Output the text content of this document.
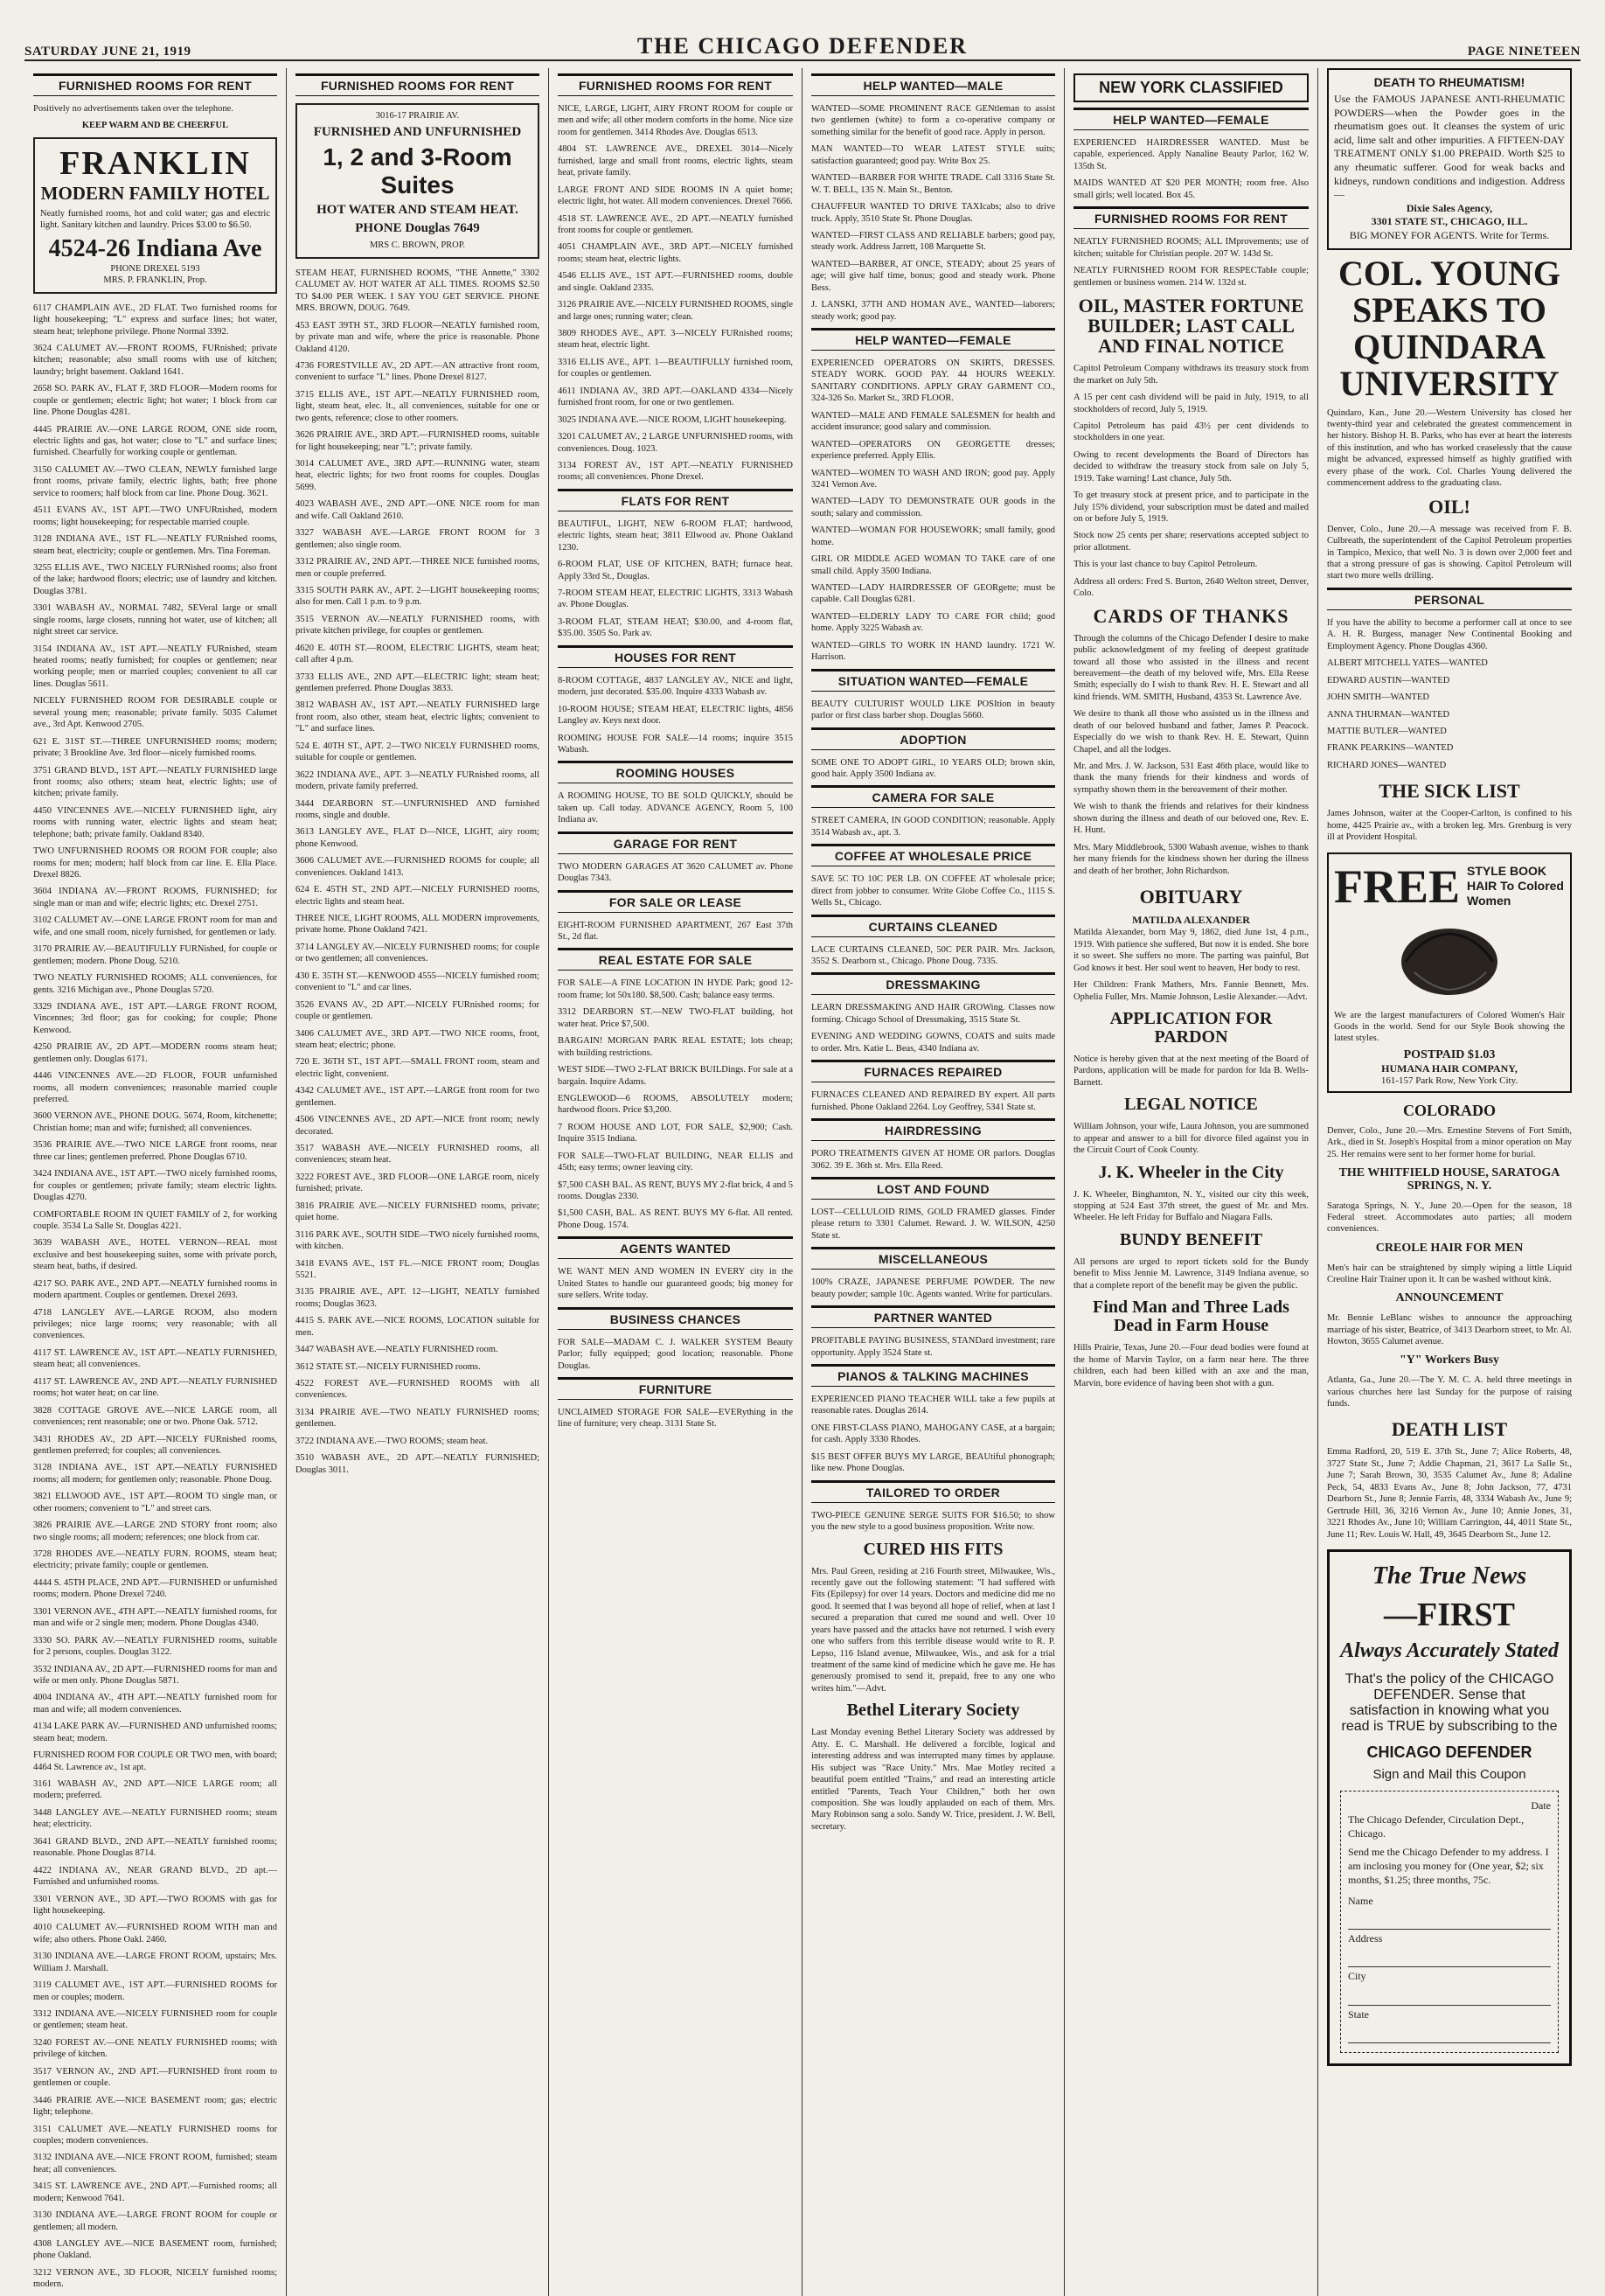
SATURDAY JUNE 21, 1919	THE CHICAGO DEFENDER	PAGE NINETEEN
FURNISHED ROOMS FOR RENT
Positively no advertisements taken over the telephone.
KEEP WARM AND BE CHEERFUL
FRANKLIN
MODERN FAMILY HOTEL
Neatly furnished rooms, hot and cold water; gas and electric light. Sanitary kitchen and laundry. Prices $3.00 to $6.50.
4524-26 Indiana Ave
PHONE DREXEL 5193
MRS. P. FRANKLIN, Prop.
6117 CHAMPLAIN AVE., 2D FLAT. Two furnished rooms for light housekeeping; "L" express and surface lines; hot water, steam heat; telephone privilege. Phone Normal 3392.
3624 CALUMET AV.—FRONT ROOMS, FURnished; private kitchen; reasonable; also small rooms with use of kitchen; laundry; bright basement. Oakland 1641.
2658 SO. PARK AV., FLAT F, 3RD FLOOR—Modern rooms for couple or gentlemen; electric light; hot water; 1 block from car line. Phone Douglas 4281.
4445 PRAIRIE AV.—ONE LARGE ROOM, ONE side room, electric lights and gas, hot water; close to "L" and surface lines; furnished. Chearfully for working couple or gentleman.
3150 CALUMET AV.—TWO CLEAN, NEWLY furnished large front rooms, private family, electric lights, bath; free phone service to roomers; half block from car line. Phone Doug. 3621.
4511 EVANS AV., 1ST APT.—TWO UNFURnished, modern rooms; light housekeeping; for respectable married couple.
3128 INDIANA AVE., 1ST FL.—NEATLY FURnished rooms, steam heat, electricity; couple or gentlemen. Mrs. Tina Foreman.
3255 ELLIS AVE., TWO NICELY FURNished rooms; also front of the lake; hardwood floors; electric; use of laundry and kitchen. Douglas 3781.
3301 WABASH AV., NORMAL 7482, SEVeral large or small single rooms, large closets, running hot water, use of kitchen; all night street car service.
3154 INDIANA AV., 1ST APT.—NEATLY FURnished, steam heated rooms; neatly furnished; for couples or gentlemen; near working people; men or married couples; convenient to all car lines. Douglas 5611.
NICELY FURNISHED ROOM FOR DESIRABLE couple or several young men; reasonable; private family. 5035 Calumet ave., 3rd Apt. Kenwood 2705.
621 E. 31ST ST.—THREE UNFURNISHED rooms; modern; private; 3 Brookline Ave. 3rd floor—nicely furnished rooms.
3751 GRAND BLVD., 1ST APT.—NEATLY FURNISHED large front rooms; also others; steam heat, electric lights; use of kitchen; private family.
4450 VINCENNES AVE.—NICELY FURNISHED light, airy rooms with running water, electric lights and steam heat; telephone; bath; private family. Oakland 8340.
TWO UNFURNISHED ROOMS OR ROOM FOR couple; also rooms for men; modern; half block from car line. E. Ella Place. Drexel 8826.
3604 INDIANA AV.—FRONT ROOMS, FURNISHED; for single man or man and wife; electric lights; etc. Drexel 2751.
3102 CALUMET AV.—ONE LARGE FRONT room for man and wife, and one small room, nicely furnished, for gentlemen or lady.
3170 PRAIRIE AV.—BEAUTIFULLY FURNished, for couple or gentlemen; modern. Phone Doug. 5210.
TWO NEATLY FURNISHED ROOMS; ALL conveniences, for gents. 3216 Michigan ave., Phone Douglas 5720.
3329 INDIANA AVE., 1ST APT.—LARGE FRONT ROOM, Vincennes; 3rd floor; gas for cooking; for couple; Phone Kenwood.
4250 PRAIRIE AV., 2D APT.—MODERN rooms steam heat; gentlemen only. Douglas 6171.
4446 VINCENNES AVE.—2D FLOOR, FOUR unfurnished rooms, all modern conveniences; reasonable married couple preferred.
3600 VERNON AVE., PHONE DOUG. 5674, Room, kitchenette; Christian home; man and wife; furnished; all conveniences.
3536 PRAIRIE AVE.—TWO NICE LARGE front rooms, near three car lines; gentlemen preferred. Phone Douglas 6710.
3424 INDIANA AVE., 1ST APT.—TWO nicely furnished rooms, for couples or gentlemen; private family; steam electric lights. Douglas 4270.
COMFORTABLE ROOM IN QUIET FAMILY of 2, for working couple. 3534 La Salle St. Douglas 4221.
3639 WABASH AVE., HOTEL VERNON—REAL most exclusive and best housekeeping suites, some with private porch, steam heat, baths, if desired.
4217 SO. PARK AVE., 2ND APT.—NEATLY furnished rooms in modern apartment. Couples or gentlemen. Drexel 2693.
4718 LANGLEY AVE.—LARGE ROOM, also modern privileges; nice large rooms; very reasonable; with all conveniences.
4117 ST. LAWRENCE AV., 1ST APT.—NEATLY FURNISHED, steam heat; all conveniences.
4117 ST. LAWRENCE AV., 2ND APT.—NEATLY FURNISHED rooms; hot water heat; on car line.
3828 COTTAGE GROVE AVE.—NICE LARGE room, all conveniences; rent reasonable; one or two. Phone Oak. 5712.
3431 RHODES AV., 2D APT.—NICELY FURnished rooms, gentlemen preferred; for couples; all conveniences.
3128 INDIANA AVE., 1ST APT.—NEATLY FURNISHED rooms; all modern; for gentlemen only; reasonable. Phone Doug.
3821 ELLWOOD AVE., 1ST APT.—ROOM TO single man, or other roomers; convenient to "L" and street cars.
3826 PRAIRIE AVE.—LARGE 2ND STORY front room; also two single rooms; all modern; references; one block from car.
3728 RHODES AVE.—NEATLY FURN. ROOMS, steam heat; electricity; private family; couple or gentlemen.
4444 S. 45TH PLACE, 2ND APT.—FURNISHED or unfurnished rooms; modern. Phone Drexel 7240.
3301 VERNON AVE., 4TH APT.—NEATLY furnished rooms, for man and wife or 2 single men; modern. Phone Douglas 4340.
3330 SO. PARK AV.—NEATLY FURNISHED rooms, suitable for 2 persons, couples. Douglas 3122.
3532 INDIANA AV., 2D APT.—FURNISHED rooms for man and wife or men only. Phone Douglas 5871.
4004 INDIANA AV., 4TH APT.—NEATLY furnished room for man and wife; all modern conveniences.
4134 LAKE PARK AV.—FURNISHED AND unfurnished rooms; steam heat; modern.
FURNISHED ROOM FOR COUPLE OR TWO men, with board; 4464 St. Lawrence av., 1st apt.
3161 WABASH AV., 2ND APT.—NICE LARGE room; all modern; preferred.
3448 LANGLEY AVE.—NEATLY FURNISHED rooms; steam heat; electricity.
3641 GRAND BLVD., 2ND APT.—NEATLY furnished rooms; reasonable. Phone Douglas 8714.
4422 INDIANA AV., NEAR GRAND BLVD., 2D apt.—Furnished and unfurnished rooms.
3301 VERNON AVE., 3D APT.—TWO ROOMS with gas for light housekeeping.
4010 CALUMET AV.—FURNISHED ROOM WITH man and wife; also others. Phone Oakl. 2460.
3130 INDIANA AVE.—LARGE FRONT ROOM, upstairs; Mrs. William J. Marshall.
3119 CALUMET AVE., 1ST APT.—FURNISHED ROOMS for men or couples; modern.
3312 INDIANA AVE.—NICELY FURNISHED room for couple or gentlemen; steam heat.
3240 FOREST AV.—ONE NEATLY FURNISHED rooms; with privilege of kitchen.
3517 VERNON AV., 2ND APT.—FURNISHED front room to gentlemen or couple.
3446 PRAIRIE AVE.—NICE BASEMENT room; gas; electric light; telephone.
3151 CALUMET AVE.—NEATLY FURNISHED rooms for couples; modern conveniences.
3132 INDIANA AVE.—NICE FRONT ROOM, furnished; steam heat; all conveniences.
3415 ST. LAWRENCE AVE., 2ND APT.—Furnished rooms; all modern; Kenwood 7641.
3130 INDIANA AVE.—LARGE FRONT ROOM for couple or gentlemen; all modern.
4308 LANGLEY AVE.—NICE BASEMENT room, furnished; phone Oakland.
3212 VERNON AVE., 3D FLOOR, NICELY furnished rooms; modern.
FURNISHED ROOMS FOR RENT
3016-17 PRAIRIE AV.
FURNISHED AND UNFURNISHED
1, 2 and 3-Room Suites
HOT WATER AND STEAM HEAT.
PHONE Douglas 7649
MRS C. BROWN, PROP.
STEAM HEAT, FURNISHED ROOMS, "THE Annette," 3302 CALUMET AV. HOT WATER AT ALL TIMES. ROOMS $2.50 TO $4.00 PER WEEK. I SAY YOU GET SERVICE. PHONE MRS. BROWN, DOUG. 7649.
453 EAST 39TH ST., 3RD FLOOR—NEATLY furnished room, by private man and wife, where the price is reasonable. Phone Oakland 4120.
4736 FORESTVILLE AV., 2D APT.—AN attractive front room, convenient to surface "L" lines. Phone Drexel 8127.
3715 ELLIS AVE., 1ST APT.—NEATLY FURNISHED room, light, steam heat, elec. lt., all conveniences, suitable for one or two gents, reference; close to other roomers.
3626 PRAIRIE AVE., 3RD APT.—FURNISHED rooms, suitable for light housekeeping; near "L"; private family.
3014 CALUMET AVE., 3RD APT.—RUNNING water, steam heat, electric lights; for two front rooms for couples. Douglas 5699.
4023 WABASH AVE., 2ND APT.—ONE NICE room for man and wife. Call Oakland 2610.
3327 WABASH AVE.—LARGE FRONT ROOM for 3 gentlemen; also single room.
3312 PRAIRIE AV., 2ND APT.—THREE NICE furnished rooms, men or couple preferred.
3315 SOUTH PARK AV., APT. 2—LIGHT housekeeping rooms; also for men. Call 1 p.m. to 9 p.m.
3515 VERNON AV.—NEATLY FURNISHED rooms, with private kitchen privilege, for couples or gentlemen.
4620 E. 40TH ST.—ROOM, ELECTRIC LIGHTS, steam heat; call after 4 p.m.
3733 ELLIS AVE., 2ND APT.—ELECTRIC light; steam heat; gentlemen preferred. Phone Douglas 3833.
3812 WABASH AV., 1ST APT.—NEATLY FURNISHED large front room, also other, steam heat, electric lights; convenient to "L" and surface lines.
524 E. 40TH ST., APT. 2—TWO NICELY FURNISHED rooms, suitable for couple or gentlemen.
3622 INDIANA AVE., APT. 3—NEATLY FURnished rooms, all modern, private family preferred.
3444 DEARBORN ST.—UNFURNISHED AND furnished rooms, single and double.
3613 LANGLEY AVE., FLAT D—NICE, LIGHT, airy room; phone Kenwood.
3606 CALUMET AVE.—FURNISHED ROOMS for couple; all conveniences. Oakland 1413.
624 E. 45TH ST., 2ND APT.—NICELY FURNISHED rooms, electric lights and steam heat.
THREE NICE, LIGHT ROOMS, ALL MODERN improvements, private home. Phone Oakland 7421.
3714 LANGLEY AV.—NICELY FURNISHED rooms; for couple or two gentlemen; all conveniences.
430 E. 35TH ST.—KENWOOD 4555—NICELY furnished room; convenient to "L" and car lines.
3526 EVANS AV., 2D APT.—NICELY FURnished rooms; for couple or gentlemen.
3406 CALUMET AVE., 3RD APT.—TWO NICE rooms, front, steam heat; electric; phone.
720 E. 36TH ST., 1ST APT.—SMALL FRONT room, steam and electric light, convenient.
4342 CALUMET AVE., 1ST APT.—LARGE front room for two gentlemen.
4506 VINCENNES AVE., 2D APT.—NICE front room; newly decorated.
3517 WABASH AVE.—NICELY FURNISHED rooms, all conveniences; steam heat.
3222 FOREST AVE., 3RD FLOOR—ONE LARGE room, nicely furnished; private.
3816 PRAIRIE AVE.—NICELY FURNISHED rooms, private; quiet home.
3116 PARK AVE., SOUTH SIDE—TWO nicely furnished rooms, with kitchen.
3418 EVANS AVE., 1ST FL.—NICE FRONT room; Douglas 5521.
3135 PRAIRIE AVE., APT. 12—LIGHT, NEATLY furnished rooms; Douglas 3623.
4415 S. PARK AVE.—NICE ROOMS, LOCATION suitable for men.
3447 WABASH AVE.—NEATLY FURNISHED room.
3612 STATE ST.—NICELY FURNISHED rooms.
4522 FOREST AVE.—FURNISHED ROOMS with all conveniences.
3134 PRAIRIE AVE.—TWO NEATLY FURNISHED rooms; gentlemen.
3722 INDIANA AVE.—TWO ROOMS; steam heat.
3510 WABASH AVE., 2D APT.—NEATLY FURNISHED; Douglas 3011.
FURNISHED ROOMS FOR RENT
NICE, LARGE, LIGHT, AIRY FRONT ROOM for couple or men and wife; all other modern comforts in the home. Nice size room for gentlemen. 3414 Rhodes Ave. Douglas 6513.
4804 ST. LAWRENCE AVE., DREXEL 3014—Nicely furnished, large and small front rooms, electric lights, steam heat, private family.
LARGE FRONT AND SIDE ROOMS IN A quiet home; electric light, hot water. All modern conveniences. Drexel 7666.
4518 ST. LAWRENCE AVE., 2D APT.—NEATLY furnished front rooms for couple or gentlemen.
4051 CHAMPLAIN AVE., 3RD APT.—NICELY furnished rooms; steam heat, electric lights.
4546 ELLIS AVE., 1ST APT.—FURNISHED rooms, double and single. Oakland 2335.
3126 PRAIRIE AVE.—NICELY FURNISHED ROOMS, single and large ones; running water; clean.
3809 RHODES AVE., APT. 3—NICELY FURnished rooms; steam heat, electric light.
3316 ELLIS AVE., APT. 1—BEAUTIFULLY furnished room, for couples or gentlemen.
4611 INDIANA AV., 3RD APT.—OAKLAND 4334—Nicely furnished front room, for one or two gentlemen.
3025 INDIANA AVE.—NICE ROOM, LIGHT housekeeping.
3201 CALUMET AV., 2 LARGE UNFURNISHED rooms, with conveniences. Doug. 1023.
3134 FOREST AV., 1ST APT.—NEATLY FURNISHED rooms; all conveniences. Phone Drexel.
FLATS FOR RENT
BEAUTIFUL, LIGHT, NEW 6-ROOM FLAT; hardwood, electric lights, steam heat; 3811 Ellwood av. Phone Oakland 1230.
6-ROOM FLAT, USE OF KITCHEN, BATH; furnace heat. Apply 33rd St., Douglas.
7-ROOM STEAM HEAT, ELECTRIC LIGHTS, 3313 Wabash av. Phone Douglas.
3-ROOM FLAT, STEAM HEAT; $30.00, and 4-room flat, $35.00. 3505 So. Park av.
HOUSES FOR RENT
8-ROOM COTTAGE, 4837 LANGLEY AV., NICE and light, modern, just decorated. $35.00. Inquire 4333 Wabash av.
10-ROOM HOUSE; STEAM HEAT, ELECTRIC lights, 4856 Langley av. Keys next door.
ROOMING HOUSE FOR SALE—14 rooms; inquire 3515 Wabash.
ROOMING HOUSES
A ROOMING HOUSE, TO BE SOLD QUICKLY, should be taken up. Call today. ADVANCE AGENCY, Room 5, 100 Indiana av.
GARAGE FOR RENT
TWO MODERN GARAGES AT 3620 CALUMET av. Phone Douglas 7343.
FOR SALE OR LEASE
EIGHT-ROOM FURNISHED APARTMENT, 267 East 37th St., 2d flat.
REAL ESTATE FOR SALE
FOR SALE—A FINE LOCATION IN HYDE Park; good 12-room frame; lot 50x180. $8,500. Cash; balance easy terms.
3312 DEARBORN ST.—NEW TWO-FLAT building, hot water heat. Price $7,500.
BARGAIN! MORGAN PARK REAL ESTATE; lots cheap; with building restrictions.
WEST SIDE—TWO 2-FLAT BRICK BUILDings. For sale at a bargain. Inquire Adams.
ENGLEWOOD—6 ROOMS, ABSOLUTELY modern; hardwood floors. Price $3,200.
7 ROOM HOUSE AND LOT, FOR SALE, $2,900; Cash. Inquire 3515 Indiana.
FOR SALE—TWO-FLAT BUILDING, NEAR ELLIS and 45th; easy terms; owner leaving city.
$7,500 CASH BAL. AS RENT, BUYS MY 2-flat brick, 4 and 5 rooms. Douglas 2330.
$1,500 CASH, BAL. AS RENT. BUYS MY 6-flat. All rented. Phone Doug. 1574.
AGENTS WANTED
WE WANT MEN AND WOMEN IN EVERY city in the United States to handle our guaranteed goods; big money for sure sellers. Write today.
BUSINESS CHANCES
FOR SALE—MADAM C. J. WALKER SYSTEM Beauty Parlor; fully equipped; good location; reasonable. Phone Douglas.
FURNITURE
UNCLAIMED STORAGE FOR SALE—EVERything in the line of furniture; very cheap. 3131 State St.
HELP WANTED—MALE
WANTED—SOME PROMINENT RACE GENtleman to assist two gentlemen (white) to form a co-operative company or something similar for the benefit of good race. Apply in person.
MAN WANTED—TO WEAR LATEST STYLE suits; satisfaction guaranteed; good pay. Write Box 25.
WANTED—BARBER FOR WHITE TRADE. Call 3316 State St. W. T. BELL, 135 N. Main St., Benton.
CHAUFFEUR WANTED TO DRIVE TAXIcabs; also to drive truck. Apply, 3510 State St. Phone Douglas.
WANTED—FIRST CLASS AND RELIABLE barbers; good pay, steady work. Address Jarrett, 108 Marquette St.
WANTED—BARBER, AT ONCE, STEADY; about 25 years of age; will give half time, bonus; good and steady work. Phone Bess.
J. LANSKI, 37TH AND HOMAN AVE., WANTED—laborers; steady work; good pay.
HELP WANTED—FEMALE
EXPERIENCED OPERATORS ON SKIRTS, DRESSES. STEADY WORK. GOOD PAY. 44 HOURS WEEKLY. SANITARY CONDITIONS. APPLY GRAY GARMENT CO., 324-326 So. Market St., 3RD FLOOR.
WANTED—MALE AND FEMALE SALESMEN for health and accident insurance; good salary and commission.
WANTED—OPERATORS ON GEORGETTE dresses; experience preferred. Apply Ellis.
WANTED—WOMEN TO WASH AND IRON; good pay. Apply 3241 Vernon Ave.
WANTED—LADY TO DEMONSTRATE OUR goods in the south; salary and commission.
WANTED—WOMAN FOR HOUSEWORK; small family, good home.
GIRL OR MIDDLE AGED WOMAN TO TAKE care of one small child. Apply 3500 Indiana.
WANTED—LADY HAIRDRESSER OF GEORgette; must be capable. Call Douglas 6281.
WANTED—ELDERLY LADY TO CARE FOR child; good home. Apply 3225 Wabash av.
WANTED—GIRLS TO WORK IN HAND laundry. 1721 W. Harrison.
SITUATION WANTED—FEMALE
BEAUTY CULTURIST WOULD LIKE POSItion in beauty parlor or first class barber shop. Douglas 5660.
ADOPTION
SOME ONE TO ADOPT GIRL, 10 YEARS OLD; brown skin, good hair. Apply 3500 Indiana av.
CAMERA FOR SALE
STREET CAMERA, IN GOOD CONDITION; reasonable. Apply 3514 Wabash av., apt. 3.
COFFEE AT WHOLESALE PRICE
SAVE 5C TO 10C PER LB. ON COFFEE AT wholesale price; direct from jobber to consumer. Write Globe Coffee Co., 1115 S. Wells St., Chicago.
CURTAINS CLEANED
LACE CURTAINS CLEANED, 50C PER PAIR. Mrs. Jackson, 3552 S. Dearborn st., Chicago. Phone Doug. 7335.
DRESSMAKING
LEARN DRESSMAKING AND HAIR GROWing. Classes now forming. Chicago School of Dressmaking, 3515 State St.
EVENING AND WEDDING GOWNS, COATS and suits made to order. Mrs. Katie L. Beas, 4340 Indiana av.
FURNACES REPAIRED
FURNACES CLEANED AND REPAIRED BY expert. All parts furnished. Phone Oakland 2264. Loy Geoffrey, 5341 State st.
HAIRDRESSING
PORO TREATMENTS GIVEN AT HOME OR parlors. Douglas 3062. 39 E. 36th st. Mrs. Ella Reed.
LOST AND FOUND
LOST—CELLULOID RIMS, GOLD FRAMED glasses. Finder please return to 3301 Calumet. Reward. J. W. WILSON, 4250 State st.
MISCELLANEOUS
100% CRAZE, JAPANESE PERFUME POWDER. The new beauty powder; sample 10c. Agents wanted. Write for particulars.
PARTNER WANTED
PROFITABLE PAYING BUSINESS, STANDard investment; rare opportunity. Apply 3524 State st.
PIANOS & TALKING MACHINES
EXPERIENCED PIANO TEACHER WILL take a few pupils at reasonable rates. Douglas 2614.
ONE FIRST-CLASS PIANO, MAHOGANY CASE, at a bargain; for cash. Apply 3330 Rhodes.
$15 BEST OFFER BUYS MY LARGE, BEAUtiful phonograph; like new. Phone Douglas.
TAILORED TO ORDER
TWO-PIECE GENUINE SERGE SUITS FOR $16.50; to show you the new style to a good business proposition. Write now.
CURED HIS FITS
Mrs. Paul Green, residing at 216 Fourth street, Milwaukee, Wis., recently gave out the following statement: "I had suffered with Fits (Epilepsy) for over 14 years. Doctors and medicine did me no good. It seemed that I was beyond all hope of relief, when at last I secured a preparation that cured me sound and well. Over 10 years have passed and the attacks have not returned. I wish every one who suffers from this terrible disease would write to R. P. Lepso, 116 Island avenue, Milwaukee, Wis., and ask for a trial treatment of the same kind of medicine which he gave me. He has generously promised to send it, prepaid, free to any one who writes him."—Advt.
Bethel Literary Society
Last Monday evening Bethel Literary Society was addressed by Atty. E. C. Marshall. He delivered a forcible, logical and interesting address and was interrupted many times by applause. His subject was "Race Unity." Mrs. Mae Motley recited a beautiful poem entitled "Trains," and read an interesting article entitled "Parents, Teach Your Children," both her own composition. She was loudly applauded on each of them. Mrs. Mary Robinson sang a solo. Sandy W. Trice, president. J. W. Bell, secretary.
NEW YORK CLASSIFIED
HELP WANTED—FEMALE
EXPERIENCED HAIRDRESSER WANTED. Must be capable, experienced. Apply Nanaline Beauty Parlor, 162 W. 135th St.
MAIDS WANTED AT $20 PER MONTH; room free. Also small girls; well located. Box 45.
FURNISHED ROOMS FOR RENT
NEATLY FURNISHED ROOMS; ALL IMprovements; use of kitchen; suitable for Christian people. 207 W. 143d St.
NEATLY FURNISHED ROOM FOR RESPECTable couple; gentlemen or business women. 214 W. 132d st.
OIL, MASTER FORTUNE BUILDER; LAST CALL AND FINAL NOTICE
Capitol Petroleum Company withdraws its treasury stock from the market on July 5th.
A 15 per cent cash dividend will be paid in July, 1919, to all stockholders of record, July 5, 1919.
Capitol Petroleum has paid 43½ per cent dividends to stockholders in one year.
Owing to recent developments the Board of Directors has decided to withdraw the treasury stock from sale on July 5, 1919. Take warning! Last chance, July 5th.
To get treasury stock at present price, and to participate in the July 15% dividend, your subscription must be dated and mailed on or before July 5, 1919.
Stock now 25 cents per share; reservations accepted subject to prior allotment.
This is your last chance to buy Capitol Petroleum.
Address all orders: Fred S. Burton, 2640 Welton street, Denver, Colo.
CARDS OF THANKS
Through the columns of the Chicago Defender I desire to make public acknowledgment of my feeling of deepest gratitude toward all those who assisted in the illness and recent bereavement—the death of my beloved wife, Mrs. Ella Reese Smith; especially do I wish to thank Rev. H. E. Stewart and all kind friends. WM. SMITH, Husband, 4353 St. Lawrence Ave.
We desire to thank all those who assisted us in the illness and death of our beloved husband and father, James P. Peacock. Especially do we wish to thank Rev. H. E. Stewart, Quinn Chapel, and all the lodges.
Mr. and Mrs. J. W. Jackson, 531 East 46th place, would like to thank the many friends for their kindness and words of sympathy shown them in the bereavement of their mother.
We wish to thank the friends and relatives for their kindness shown during the illness and death of our beloved one, Rev. E. H. Hunt.
Mrs. Mary Middlebrook, 5300 Wabash avenue, wishes to thank her many friends for the kindness shown her during the illness and death of her brother, John Richardson.
OBITUARY
MATILDA ALEXANDER
Matilda Alexander, born May 9, 1862, died June 1st, 4 p.m., 1919. With patience she suffered, But now it is ended. She bore it so sweet. She suffers no more. The parting was painful, But God knows it best. Her soul went to heaven, Her body to rest.
Her Children: Frank Mathers, Mrs. Fannie Bennett, Mrs. Ophelia Fuller, Mrs. Mamie Johnson, Leslie Alexander.—Advt.
APPLICATION FOR PARDON
Notice is hereby given that at the next meeting of the Board of Pardons, application will be made for pardon for Ida B. Wells-Barnett.
LEGAL NOTICE
William Johnson, your wife, Laura Johnson, you are summoned to appear and answer to a bill for divorce filed against you in the Circuit Court of Cook County.
J. K. Wheeler in the City
J. K. Wheeler, Binghamton, N. Y., visited our city this week, stopping at 524 East 37th street, the guest of Mr. and Mrs. Wheeler. He left Friday for Buffalo and Niagara Falls.
BUNDY BENEFIT
All persons are urged to report tickets sold for the Bundy benefit to Miss Jennie M. Lawrence, 3149 Indiana avenue, so that a complete report of the benefit may be given the public.
Find Man and Three Lads Dead in Farm House
Hills Prairie, Texas, June 20.—Four dead bodies were found at the home of Marvin Taylor, on a farm near here. The three children, each had been killed with an axe and the man, Marvin, bore evidence of having been shot with a gun.
DEATH TO RHEUMATISM!
Use the FAMOUS JAPANESE ANTI-RHEUMATIC POWDERS—when the Powder goes in the rheumatism goes out. It cleanses the system of uric acid, lime salt and other impurities. A FIFTEEN-DAY TREATMENT ONLY $1.00 PREPAID. Worth $25 to any rheumatic sufferer. Good for weak backs and kidneys, rundown conditions and indigestion. Address —
Dixie Sales Agency,
3301 STATE ST., CHICAGO, ILL.
BIG MONEY FOR AGENTS. Write for Terms.
COL. YOUNG SPEAKS TO QUINDARA UNIVERSITY
Quindaro, Kan., June 20.—Western University has closed her twenty-third year and celebrated the greatest commencement in her history. Bishop H. B. Parks, who has ever at heart the interests of this institution, and who has worked ceaselessly that the cause might be advanced, expressed himself as highly gratified with every phase of the work. Col. Charles Young delivered the commencement address to the graduating class.
OIL!
Denver, Colo., June 20.—A message was received from F. B. Culbreath, the superintendent of the Capitol Petroleum properties in Tampico, Mexico, that well No. 3 is down over 2,000 feet and that a strong pressure of gas is showing. Capitol Petroleum will start two more wells drilling.
PERSONAL
If you have the ability to become a performer call at once to see A. H. R. Burgess, manager New Continental Booking and Employment Agency. Phone Douglas 4360.
ALBERT MITCHELL YATES—WANTED
EDWARD AUSTIN—WANTED
JOHN SMITH—WANTED
ANNA THURMAN—WANTED
MATTIE BUTLER—WANTED
FRANK PEARKINS—WANTED
RICHARD JONES—WANTED
THE SICK LIST
James Johnson, waiter at the Cooper-Carlton, is confined to his home, 4425 Prairie av., with a broken leg. Mrs. Grenburg is very ill at Provident Hospital.
FREE STYLE BOOK HAIR To Colored Women
We are the largest manufacturers of Colored Women's Hair Goods in the world. Send for our Style Book showing the latest styles.
POSTPAID $1.03
HUMANA HAIR COMPANY,
161-157 Park Row, New York City.
COLORADO
Denver, Colo., June 20.—Mrs. Ernestine Stevens of Fort Smith, Ark., died in St. Joseph's Hospital from a minor operation on May 25. Her remains were sent to her former home for burial.
THE WHITFIELD HOUSE, SARATOGA SPRINGS, N. Y.
Saratoga Springs, N. Y., June 20.—Open for the season, 18 Federal street. Accommodates auto parties; all modern conveniences.
CREOLE HAIR FOR MEN
Men's hair can be straightened by simply wiping a little Liquid Creoline Hair Trainer upon it. It can be washed without kink.
ANNOUNCEMENT
Mr. Bennie LeBlanc wishes to announce the approaching marriage of his sister, Beatrice, of 3413 Dearborn street, to Mr. Al. Howton, 3655 Calumet avenue.
"Y" Workers Busy
Atlanta, Ga., June 20.—The Y. M. C. A. held three meetings in various churches here last Sunday for the purpose of raising funds.
DEATH LIST
Emma Radford, 20, 519 E. 37th St., June 7; Alice Roberts, 48, 3727 State St., June 7; Addie Chapman, 21, 3617 La Salle St., June 7; Sarah Brown, 30, 3535 Calumet Av., June 8; Adaline Peck, 54, 4833 Evans Av., June 8; John Jackson, 77, 4731 Dearborn St., June 8; Jennie Farris, 48, 3334 Wabash Av., June 9; Gertrude Hill, 36, 3216 Vernon Av., June 10; Annie Jones, 31, 3221 Rhodes Av., June 10; William Carrington, 44, 4011 State St., June 11; Rev. Louis W. Hall, 49, 3645 Dearborn St., June 12.
The True News
—FIRST
Always Accurately Stated
That's the policy of the CHICAGO DEFENDER. Sense that satisfaction in knowing what you read is TRUE by subscribing to the
CHICAGO DEFENDER
Sign and Mail this Coupon
Date
The Chicago Defender, Circulation Dept., Chicago.
Send me the Chicago Defender to my address. I am inclosing you money for (One year, $2; six months, $1.25; three months, 75c.
Name
Address
City
State
